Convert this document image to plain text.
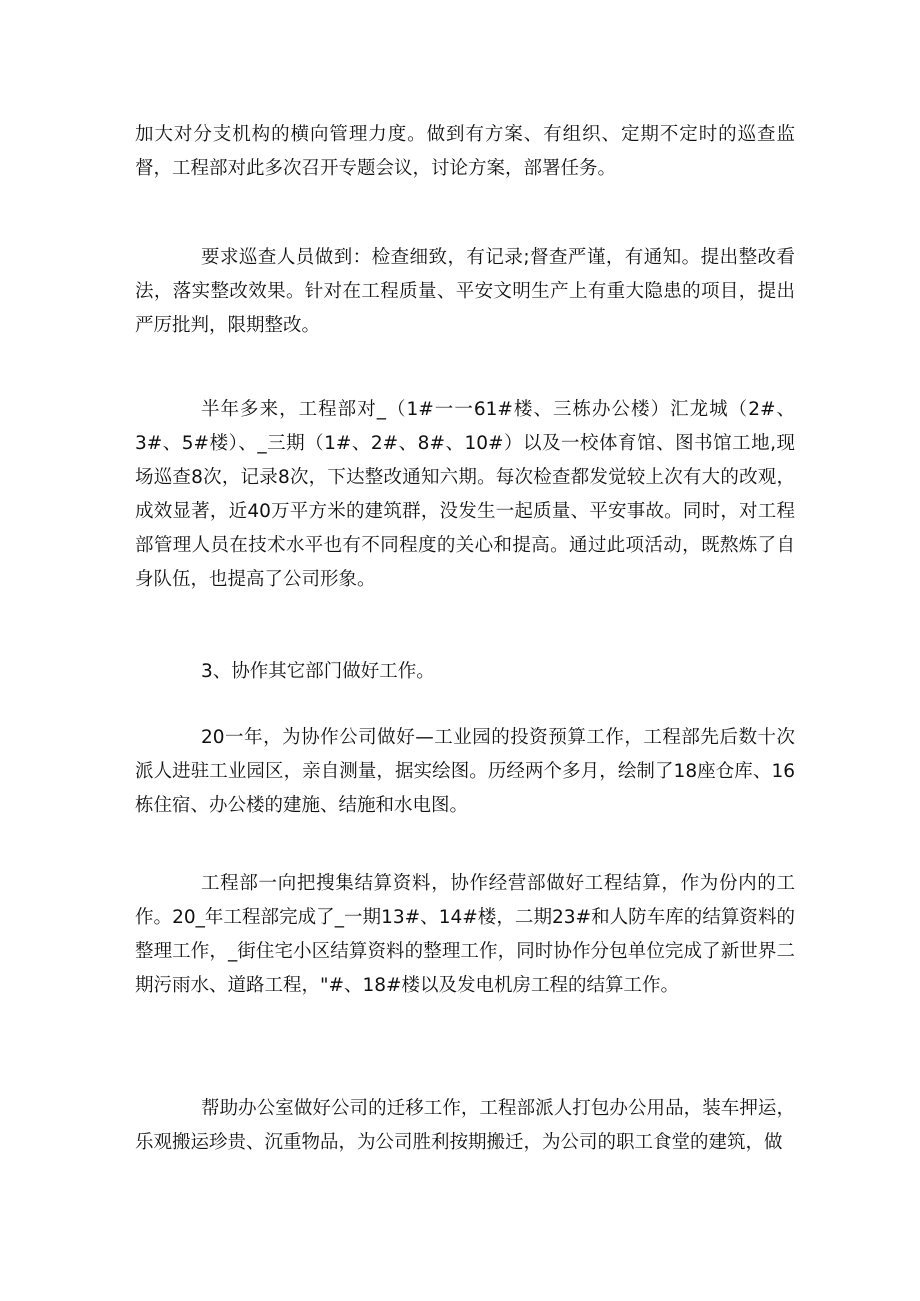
加大对分支机构的横向管理力度。做到有方案、有组织、定期不定时的巡查监督，工程部对此多次召开专题会议，讨论方案，部署任务。

要求巡查人员做到：检查细致，有记录;督查严谨，有通知。提出整改看法，落实整改效果。针对在工程质量、平安文明生产上有重大隐患的项目，提出严厉批判，限期整改。

半年多来，工程部对_（1#一一61#楼、三栋办公楼）汇龙城（2#、3#、5#楼）、_三期（1#、2#、8#、10#）以及一校体育馆、图书馆工地,现场巡查8次，记录8次，下达整改通知六期。每次检查都发觉较上次有大的改观，成效显著，近40万平方米的建筑群，没发生一起质量、平安事故。同时，对工程部管理人员在技术水平也有不同程度的关心和提高。通过此项活动，既熬炼了自身队伍，也提高了公司形象。

3、协作其它部门做好工作。

20一年，为协作公司做好—工业园的投资预算工作，工程部先后数十次派人进驻工业园区，亲自测量，据实绘图。历经两个多月，绘制了18座仓库、16栋住宿、办公楼的建施、结施和水电图。

工程部一向把搜集结算资料，协作经营部做好工程结算，作为份内的工作。20_年工程部完成了_一期13#、14#楼，二期23#和人防车库的结算资料的整理工作，_街住宅小区结算资料的整理工作，同时协作分包单位完成了新世界二期污雨水、道路工程，"#、18#楼以及发电机房工程的结算工作。

帮助办公室做好公司的迁移工作，工程部派人打包办公用品，装车押运，乐观搬运珍贵、沉重物品，为公司胜利按期搬迁，为公司的职工食堂的建筑，做
